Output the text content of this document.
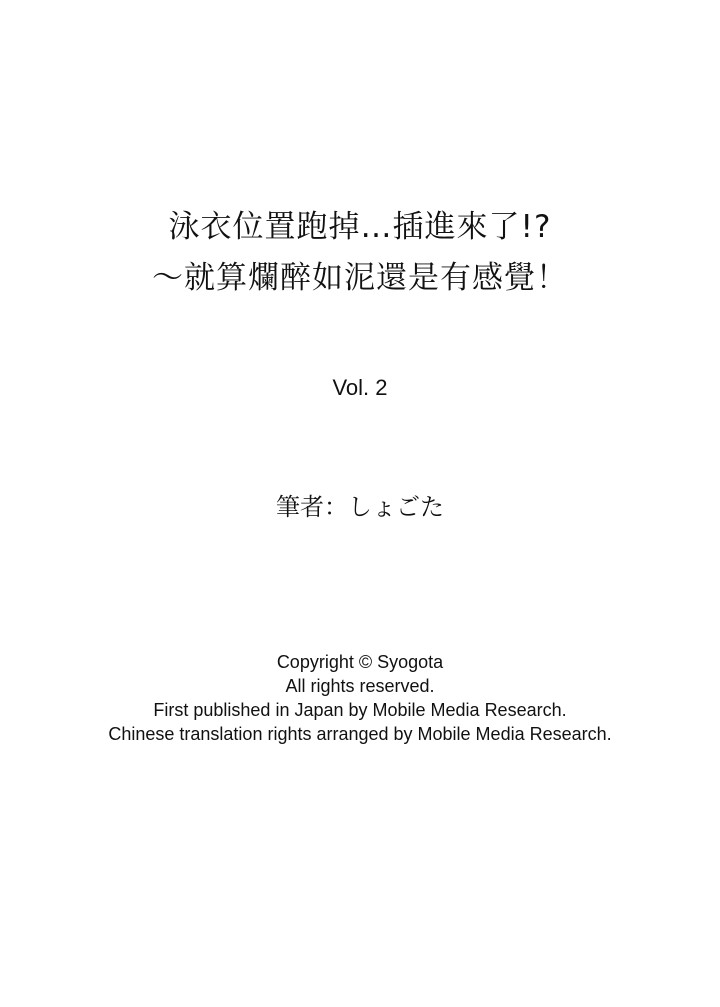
泳衣位置跑掉…插進來了!?
～就算爛醉如泥還是有感覺！
Vol. 2
筆者：しょごた
Copyright © Syogota
All rights reserved.
First published in Japan by Mobile Media Research.
Chinese translation rights arranged by Mobile Media Research.
